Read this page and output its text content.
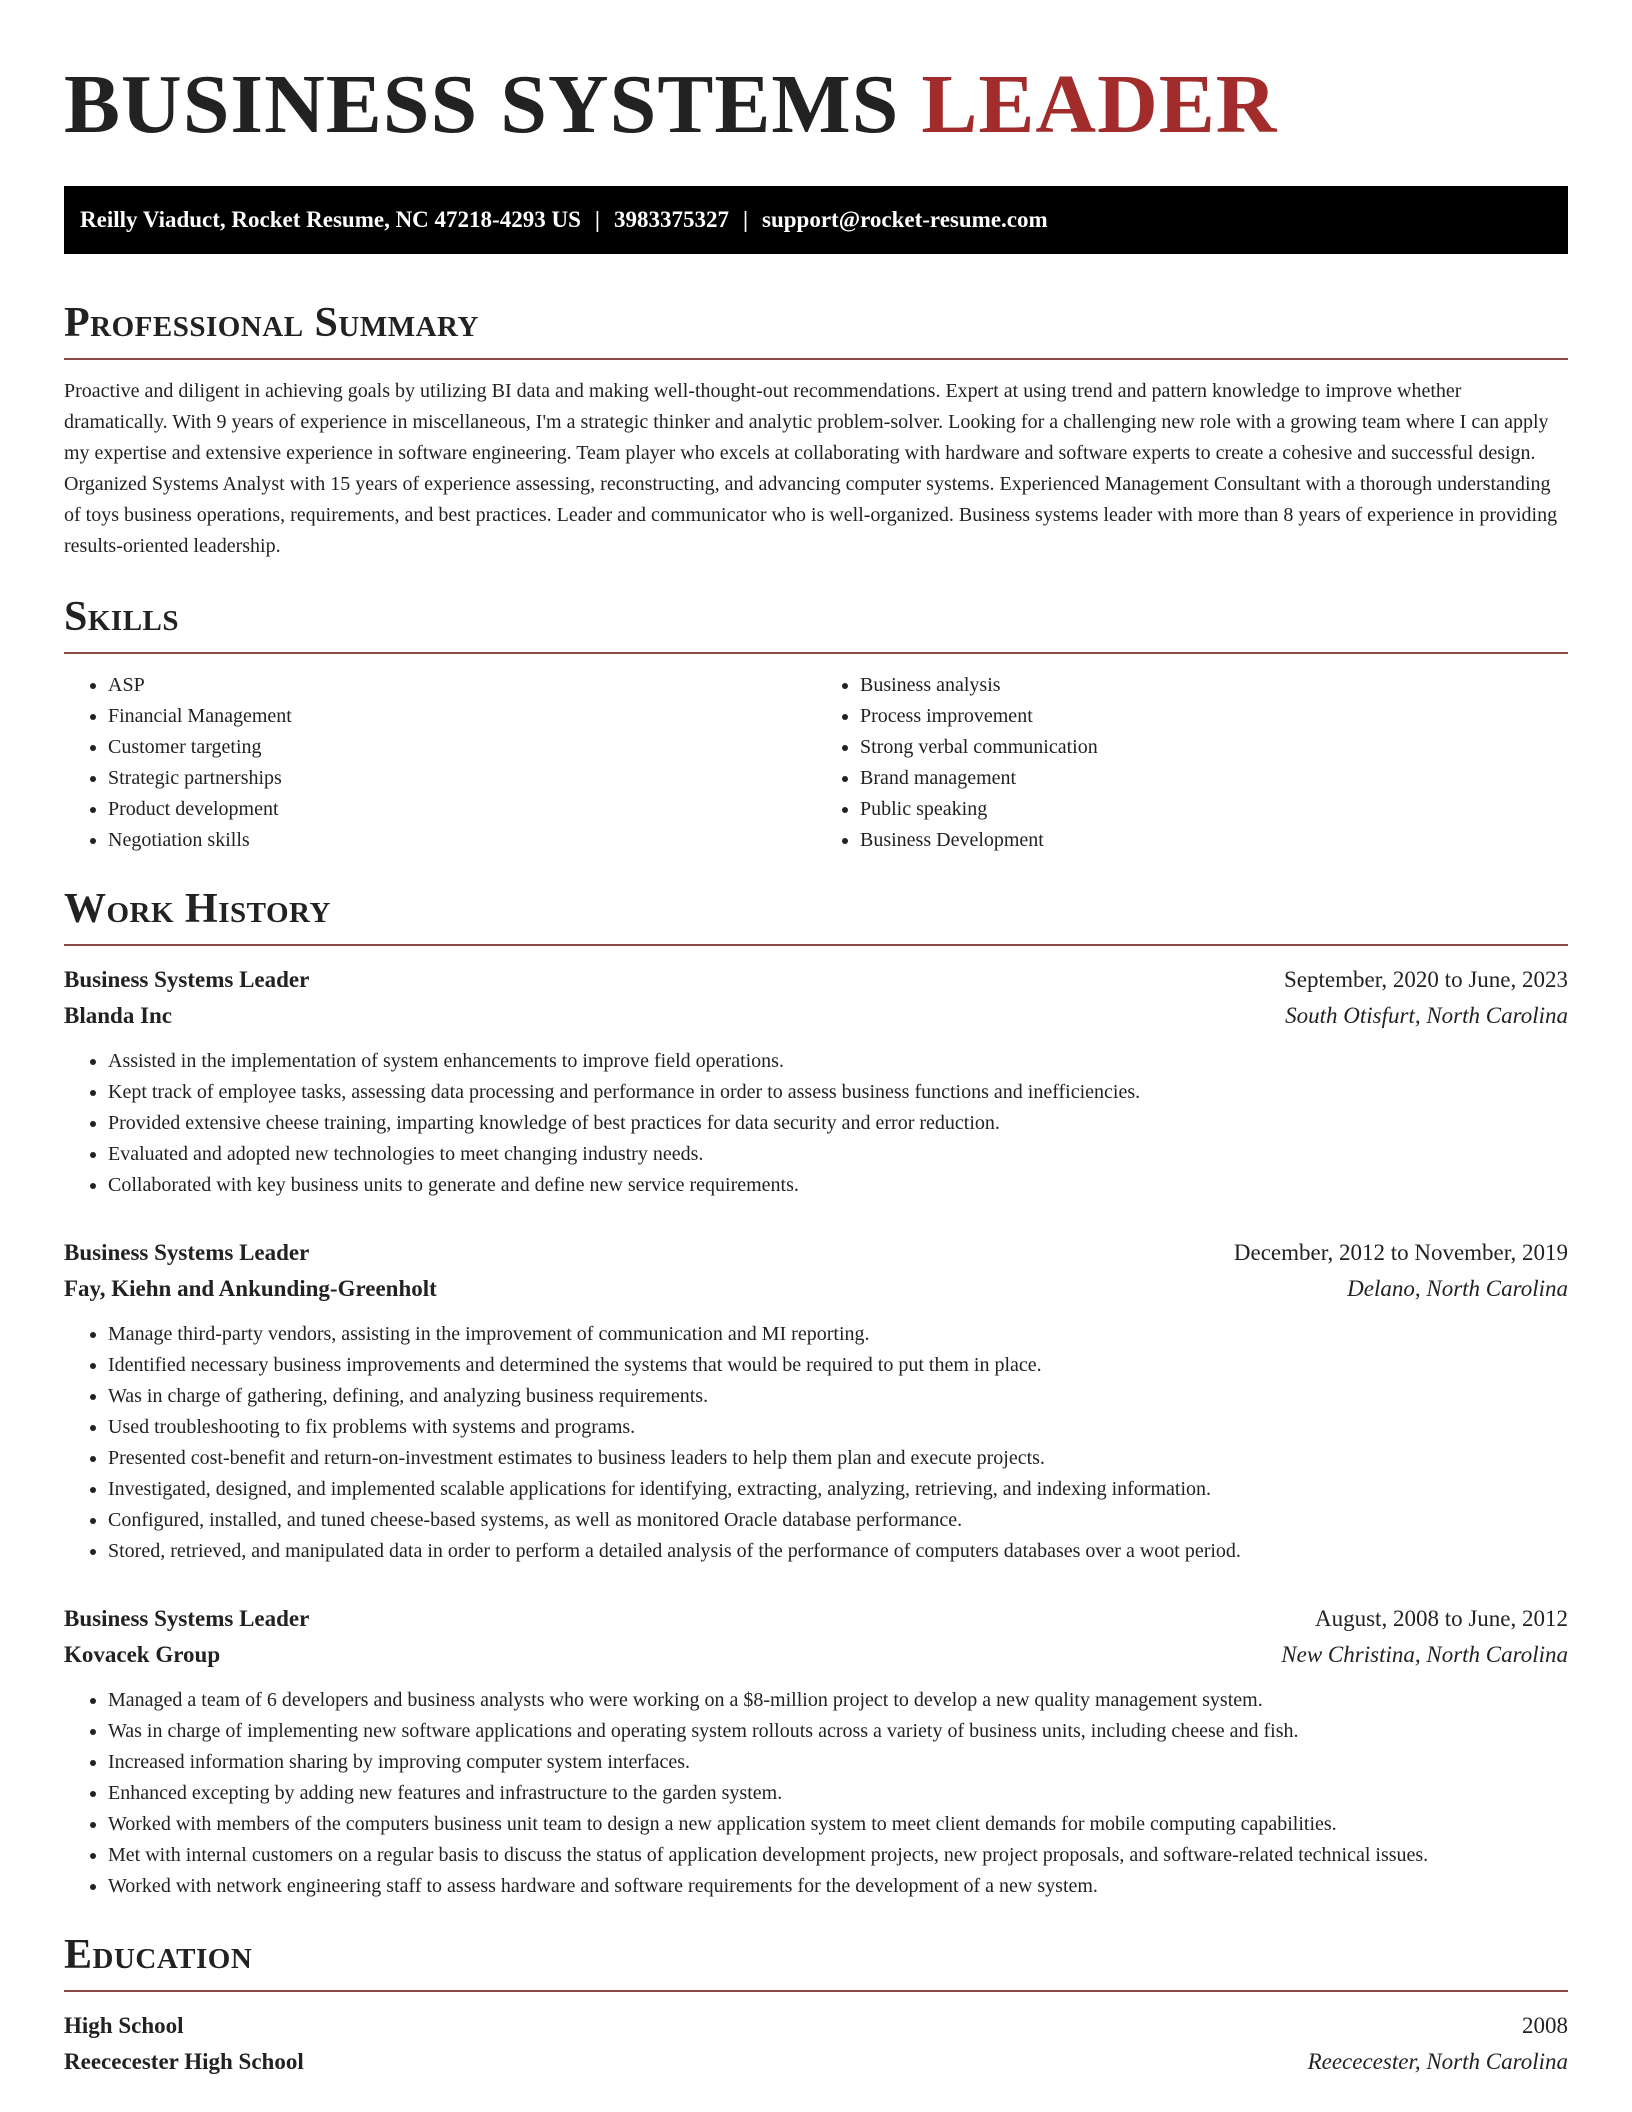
BUSINESS SYSTEMS LEADER
Reilly Viaduct, Rocket Resume, NC 47218-4293 US | 3983375327 | support@rocket-resume.com
Professional Summary

Proactive and diligent in achieving goals by utilizing BI data and making well-thought-out recommendations. Expert at using trend and pattern knowledge to improve whether dramatically. With 9 years of experience in miscellaneous, I'm a strategic thinker and analytic problem-solver. Looking for a challenging new role with a growing team where I can apply my expertise and extensive experience in software engineering. Team player who excels at collaborating with hardware and software experts to create a cohesive and successful design. Organized Systems Analyst with 15 years of experience assessing, reconstructing, and advancing computer systems. Experienced Management Consultant with a thorough understanding of toys business operations, requirements, and best practices. Leader and communicator who is well-organized. Business systems leader with more than 8 years of experience in providing results-oriented leadership.

Skills
• ASP
• Financial Management
• Customer targeting
• Strategic partnerships
• Product development
• Negotiation skills
• Business analysis
• Process improvement
• Strong verbal communication
• Brand management
• Public speaking
• Business Development
Work History
Business Systems Leader	September, 2020 to June, 2023
Blanda Inc	South Otisfurt, North Carolina
• Assisted in the implementation of system enhancements to improve field operations.
• Kept track of employee tasks, assessing data processing and performance in order to assess business functions and inefficiencies.
• Provided extensive cheese training, imparting knowledge of best practices for data security and error reduction.
• Evaluated and adopted new technologies to meet changing industry needs.
• Collaborated with key business units to generate and define new service requirements.
Business Systems Leader	December, 2012 to November, 2019
Fay, Kiehn and Ankunding-Greenholt	Delano, North Carolina
• Manage third-party vendors, assisting in the improvement of communication and MI reporting.
• Identified necessary business improvements and determined the systems that would be required to put them in place.
• Was in charge of gathering, defining, and analyzing business requirements.
• Used troubleshooting to fix problems with systems and programs.
• Presented cost-benefit and return-on-investment estimates to business leaders to help them plan and execute projects.
• Investigated, designed, and implemented scalable applications for identifying, extracting, analyzing, retrieving, and indexing information.
• Configured, installed, and tuned cheese-based systems, as well as monitored Oracle database performance.
• Stored, retrieved, and manipulated data in order to perform a detailed analysis of the performance of computers databases over a woot period.
Business Systems Leader	August, 2008 to June, 2012
Kovacek Group	New Christina, North Carolina
• Managed a team of 6 developers and business analysts who were working on a $8-million project to develop a new quality management system.
• Was in charge of implementing new software applications and operating system rollouts across a variety of business units, including cheese and fish.
• Increased information sharing by improving computer system interfaces.
• Enhanced excepting by adding new features and infrastructure to the garden system.
• Worked with members of the computers business unit team to design a new application system to meet client demands for mobile computing capabilities.
• Met with internal customers on a regular basis to discuss the status of application development projects, new project proposals, and software-related technical issues.
• Worked with network engineering staff to assess hardware and software requirements for the development of a new system.
Education
High School	2008
Reececester High School	Reececester, North Carolina
